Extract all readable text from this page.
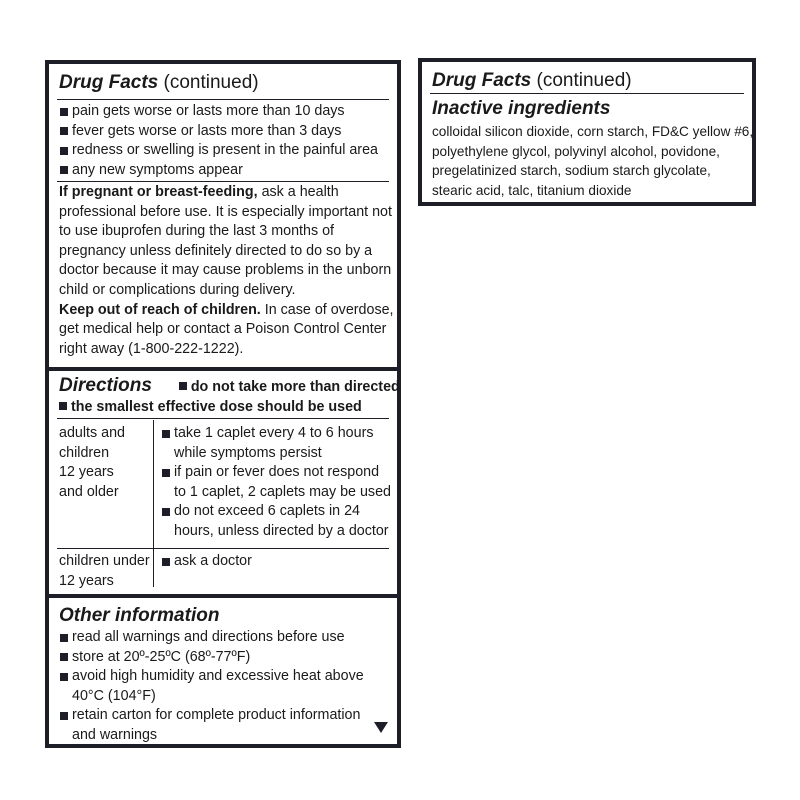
Drug Facts (continued)
pain gets worse or lasts more than 10 days
fever gets worse or lasts more than 3 days
redness or swelling is present in the painful area
any new symptoms appear
If pregnant or breast-feeding, ask a health
professional before use. It is especially important not
to use ibuprofen during the last 3 months of
pregnancy unless definitely directed to do so by a
doctor because it may cause problems in the unborn
child or complications during delivery.
Keep out of reach of children. In case of overdose,
get medical help or contact a Poison Control Center
right away (1-800-222-1222).
Directions	do not take more than directed
the smallest effective dose should be used
adults and
children
12 years
and older
take 1 caplet every 4 to 6 hours
while symptoms persist
if pain or fever does not respond
to 1 caplet, 2 caplets may be used
do not exceed 6 caplets in 24
hours, unless directed by a doctor
children under
12 years
ask a doctor
Other information
read all warnings and directions before use
store at 20º-25ºC (68º-77ºF)
avoid high humidity and excessive heat above
40°C (104°F)
retain carton for complete product information
and warnings
Drug Facts (continued)
Inactive ingredients
colloidal silicon dioxide, corn starch, FD&C yellow #6,
polyethylene glycol, polyvinyl alcohol, povidone,
pregelatinized starch, sodium starch glycolate,
stearic acid, talc, titanium dioxide
